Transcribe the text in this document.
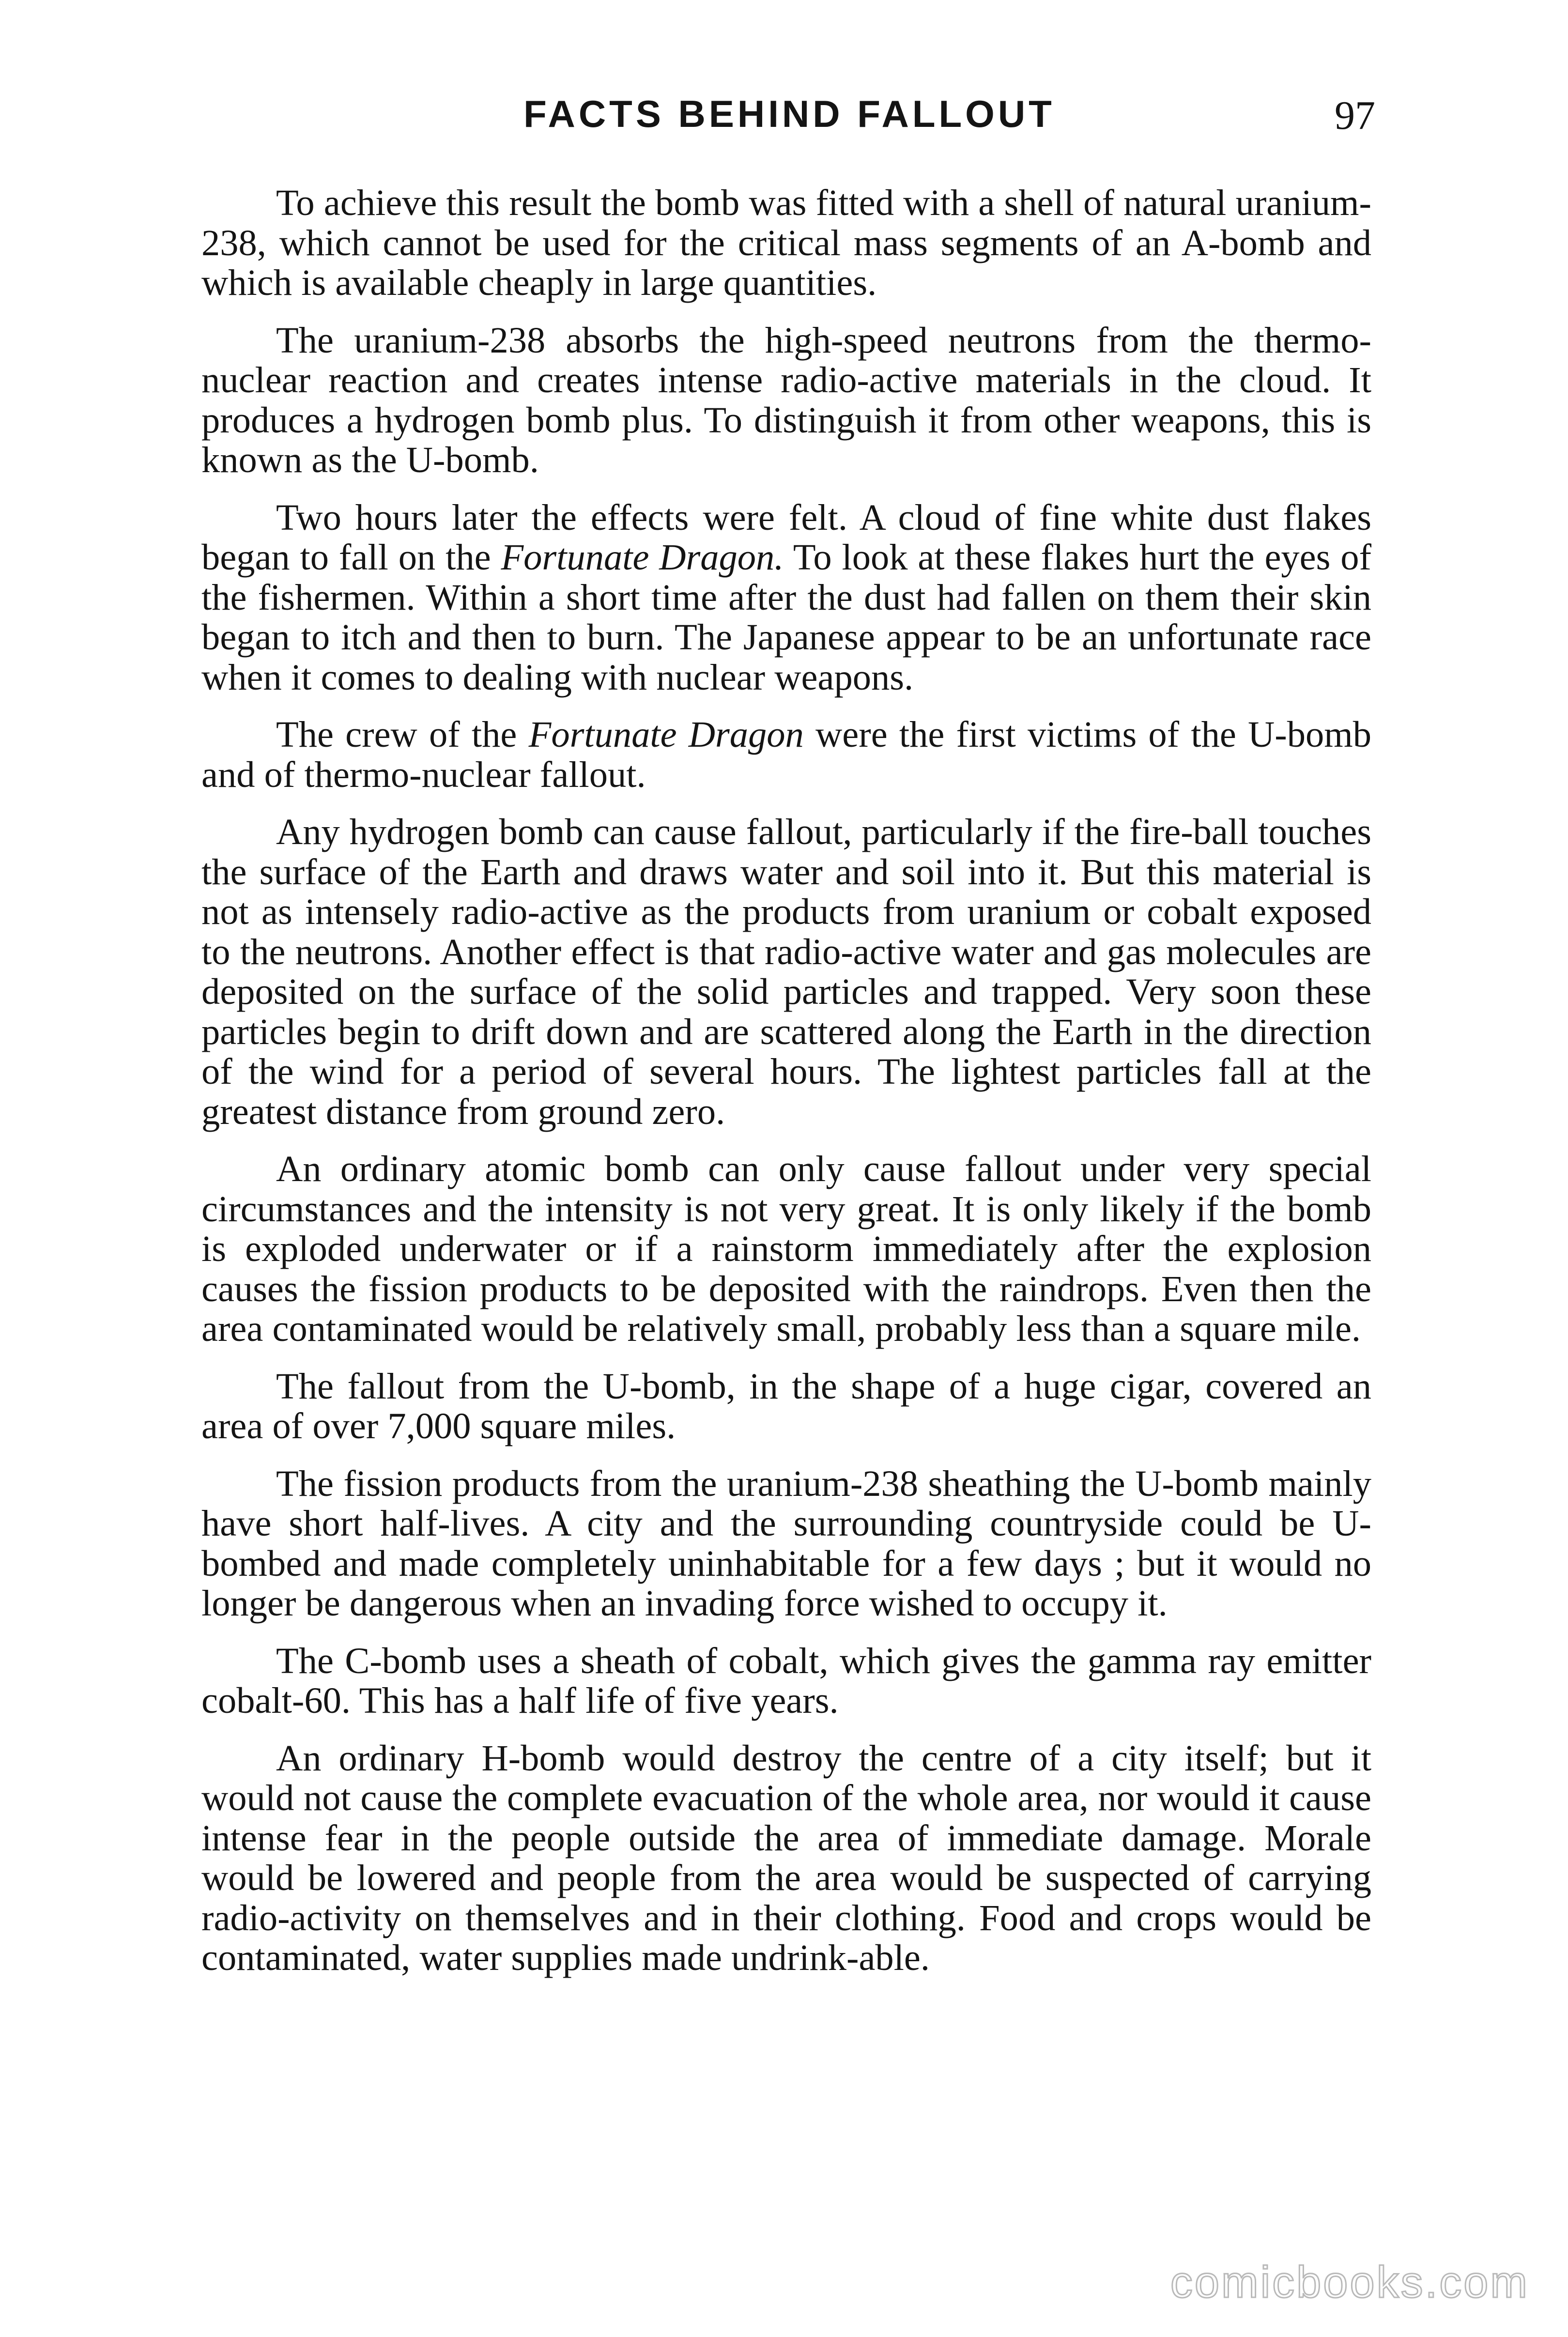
FACTS BEHIND FALLOUT	97

To achieve this result the bomb was fitted with a shell of natural uranium-238, which cannot be used for the critical mass segments of an A-bomb and which is available cheaply in large quantities.

The uranium-238 absorbs the high-speed neutrons from the thermo-nuclear reaction and creates intense radio-active materials in the cloud. It produces a hydrogen bomb plus. To distinguish it from other weapons, this is known as the U-bomb.

Two hours later the effects were felt. A cloud of fine white dust flakes began to fall on the Fortunate Dragon. To look at these flakes hurt the eyes of the fishermen. Within a short time after the dust had fallen on them their skin began to itch and then to burn. The Japanese appear to be an unfortunate race when it comes to dealing with nuclear weapons.

The crew of the Fortunate Dragon were the first victims of the U-bomb and of thermo-nuclear fallout.

Any hydrogen bomb can cause fallout, particularly if the fire-ball touches the surface of the Earth and draws water and soil into it. But this material is not as intensely radio-active as the products from uranium or cobalt exposed to the neutrons. Another effect is that radio-active water and gas molecules are deposited on the surface of the solid particles and trapped. Very soon these particles begin to drift down and are scattered along the Earth in the direction of the wind for a period of several hours. The lightest particles fall at the greatest distance from ground zero.

An ordinary atomic bomb can only cause fallout under very special circumstances and the intensity is not very great. It is only likely if the bomb is exploded underwater or if a rainstorm immediately after the explosion causes the fission products to be deposited with the raindrops. Even then the area contaminated would be relatively small, probably less than a square mile.

The fallout from the U-bomb, in the shape of a huge cigar, covered an area of over 7,000 square miles.

The fission products from the uranium-238 sheathing the U-bomb mainly have short half-lives. A city and the surrounding countryside could be U-bombed and made completely uninhabitable for a few days ; but it would no longer be dangerous when an invading force wished to occupy it.

The C-bomb uses a sheath of cobalt, which gives the gamma ray emitter cobalt-60. This has a half life of five years.

An ordinary H-bomb would destroy the centre of a city itself; but it would not cause the complete evacuation of the whole area, nor would it cause intense fear in the people outside the area of immediate damage. Morale would be lowered and people from the area would be suspected of carrying radio-activity on themselves and in their clothing. Food and crops would be contaminated, water supplies made undrink-able.

comicbooks.com
